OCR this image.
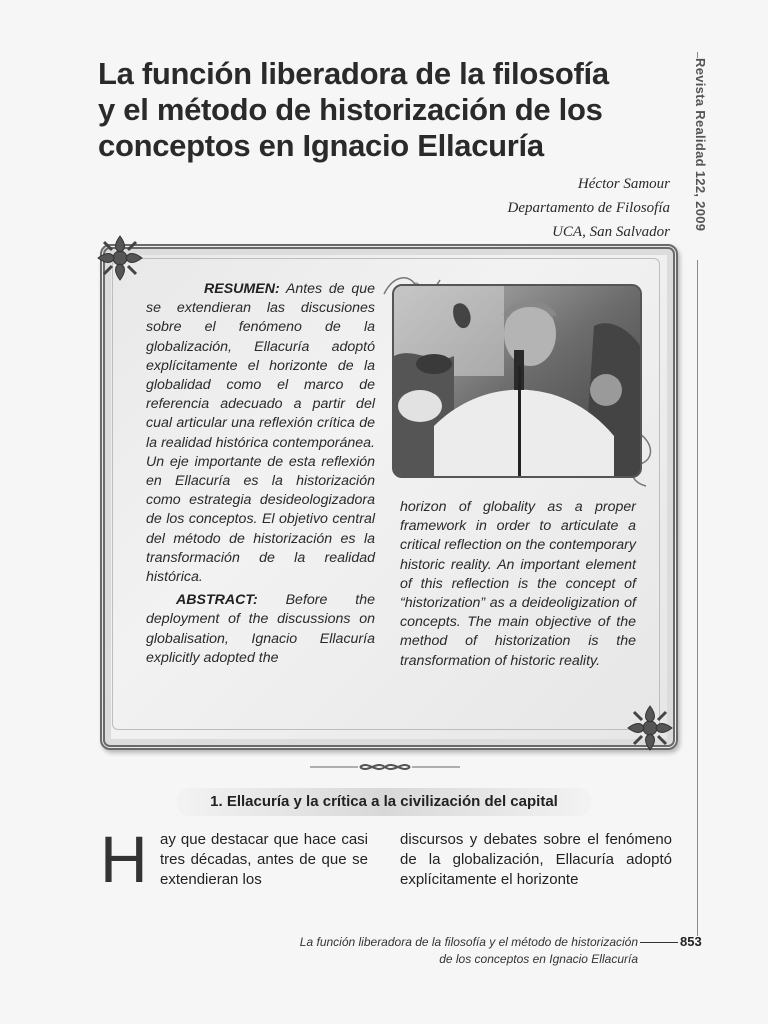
La función liberadora de la filosofía
y el método de historización de los
conceptos en Ignacio Ellacuría
Héctor Samour
Departamento de Filosofía
UCA, San Salvador
Revista Realidad 122, 2009
RESUMEN: Antes de que se extendieran las discusiones sobre el fenómeno de la globalización, Ellacuría adoptó explícitamente el horizonte de la globalidad como el marco de referencia adecuado a partir del cual articular una reflexión crítica de la realidad histórica contemporánea. Un eje importante de esta reflexión en Ellacuría es la historización como estrategia desideologizadora de los conceptos. El objetivo central del método de historización es la transformación de la realidad histórica.
ABSTRACT: Before the deployment of the discussions on globalisation, Ignacio Ellacuría explicitly adopted the
horizon of globality as a proper framework in order to articulate a critical reflection on the contemporary historic reality. An important element of this reflection is the concept of “historization” as a deideoligization of concepts. The main objective of the method of historization is the transformation of historic reality.
1. Ellacuría y la crítica a la civilización del capital
H ay que destacar que hace casi tres décadas, antes de que se extendieran los
discursos y debates sobre el fenómeno de la globalización, Ellacuría adoptó explícitamente el horizonte
La función liberadora de la filosofía y el método de historización
de los conceptos en Ignacio Ellacuría
853
